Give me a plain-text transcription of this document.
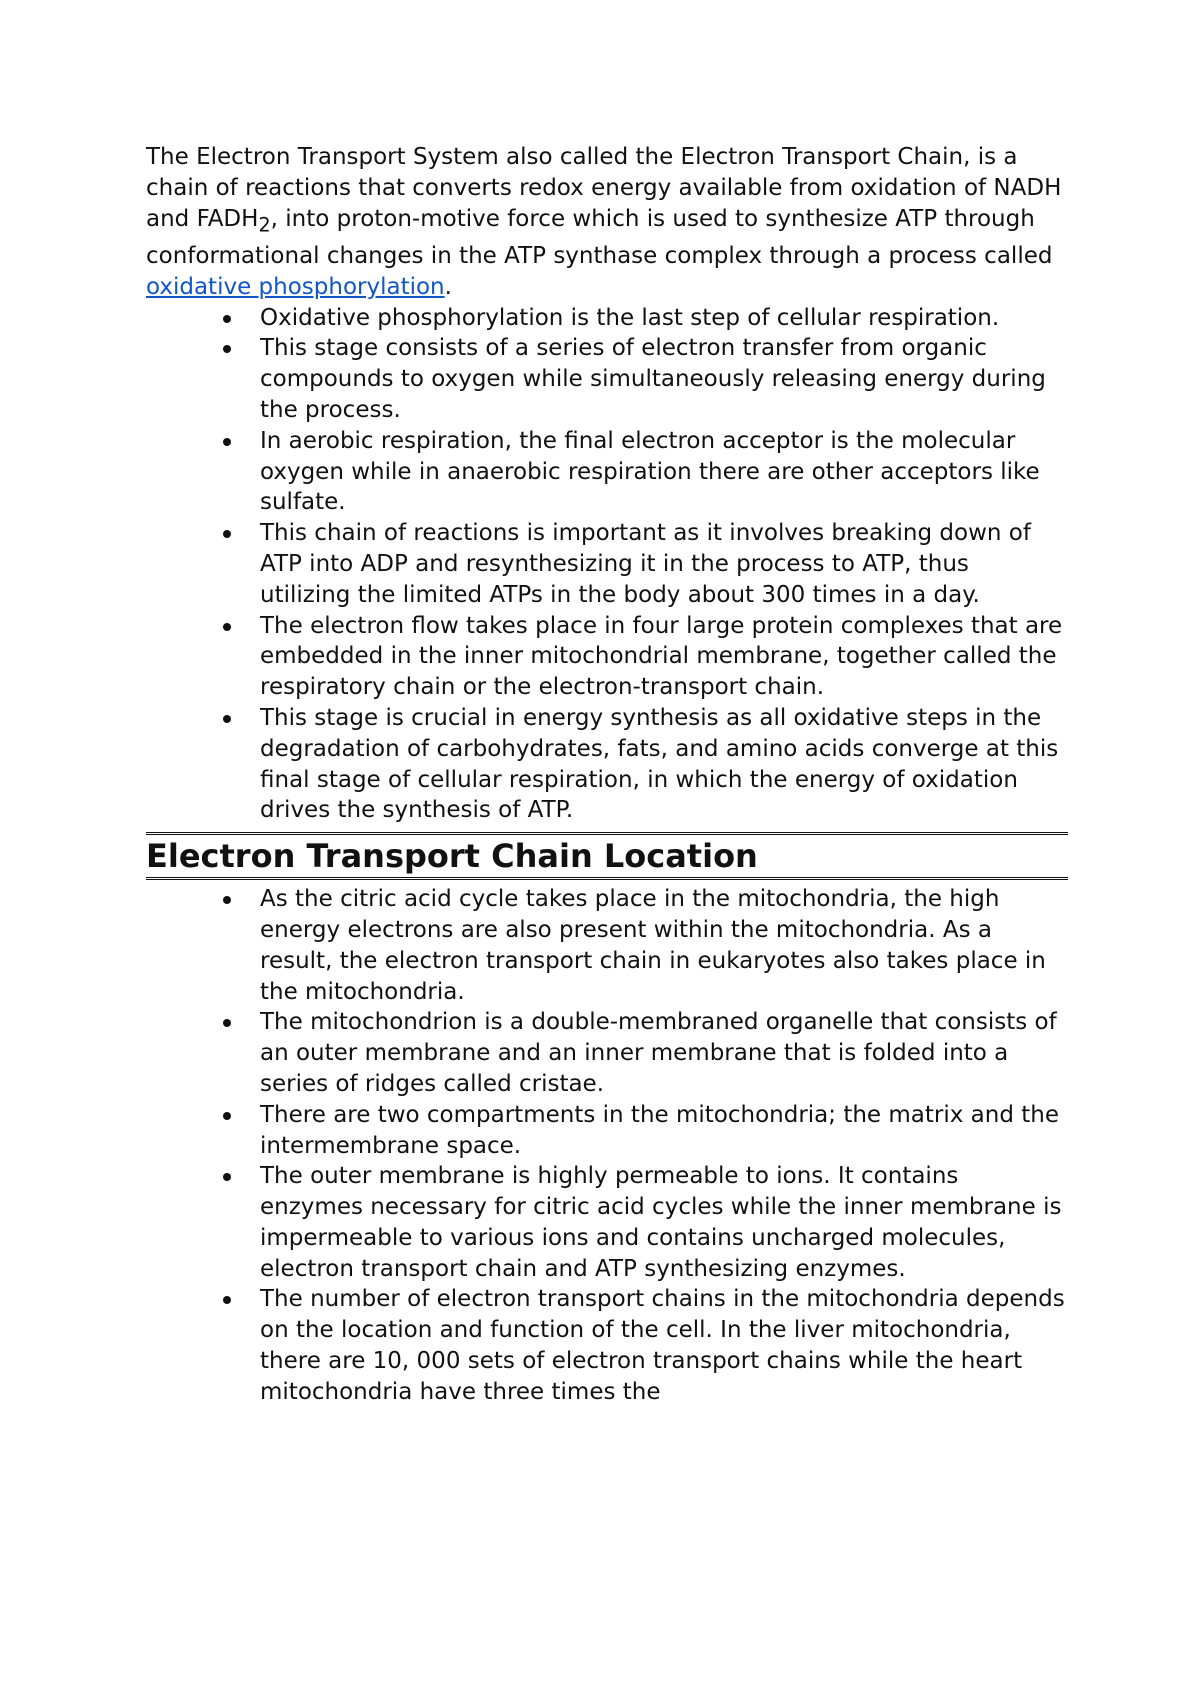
The Electron Transport System also called the Electron Transport Chain, is a chain of reactions that converts redox energy available from oxidation of NADH and $FADH_2$, into proton-motive force which is used to synthesize ATP through conformational changes in the ATP synthase complex through a process called oxidative phosphorylation.

Oxidative phosphorylation is the last step of cellular respiration.
This stage consists of a series of electron transfer from organic compounds to oxygen while simultaneously releasing energy during the process.
In aerobic respiration, the final electron acceptor is the molecular oxygen while in anaerobic respiration there are other acceptors like sulfate.
This chain of reactions is important as it involves breaking down of ATP into ADP and resynthesizing it in the process to ATP, thus utilizing the limited ATPs in the body about 300 times in a day.
The electron flow takes place in four large protein complexes that are embedded in the inner mitochondrial membrane, together called the respiratory chain or the electron-transport chain.
This stage is crucial in energy synthesis as all oxidative steps in the degradation of carbohydrates, fats, and amino acids converge at this final stage of cellular respiration, in which the energy of oxidation drives the synthesis of ATP.
Electron Transport Chain Location
As the citric acid cycle takes place in the mitochondria, the high energy electrons are also present within the mitochondria. As a result, the electron transport chain in eukaryotes also takes place in the mitochondria.
The mitochondrion is a double-membraned organelle that consists of an outer membrane and an inner membrane that is folded into a series of ridges called cristae.
There are two compartments in the mitochondria; the matrix and the intermembrane space.
The outer membrane is highly permeable to ions. It contains enzymes necessary for citric acid cycles while the inner membrane is impermeable to various ions and contains uncharged molecules, electron transport chain and ATP synthesizing enzymes.
The number of electron transport chains in the mitochondria depends on the location and function of the cell. In the liver mitochondria, there are 10, 000 sets of electron transport chains while the heart mitochondria have three times the
